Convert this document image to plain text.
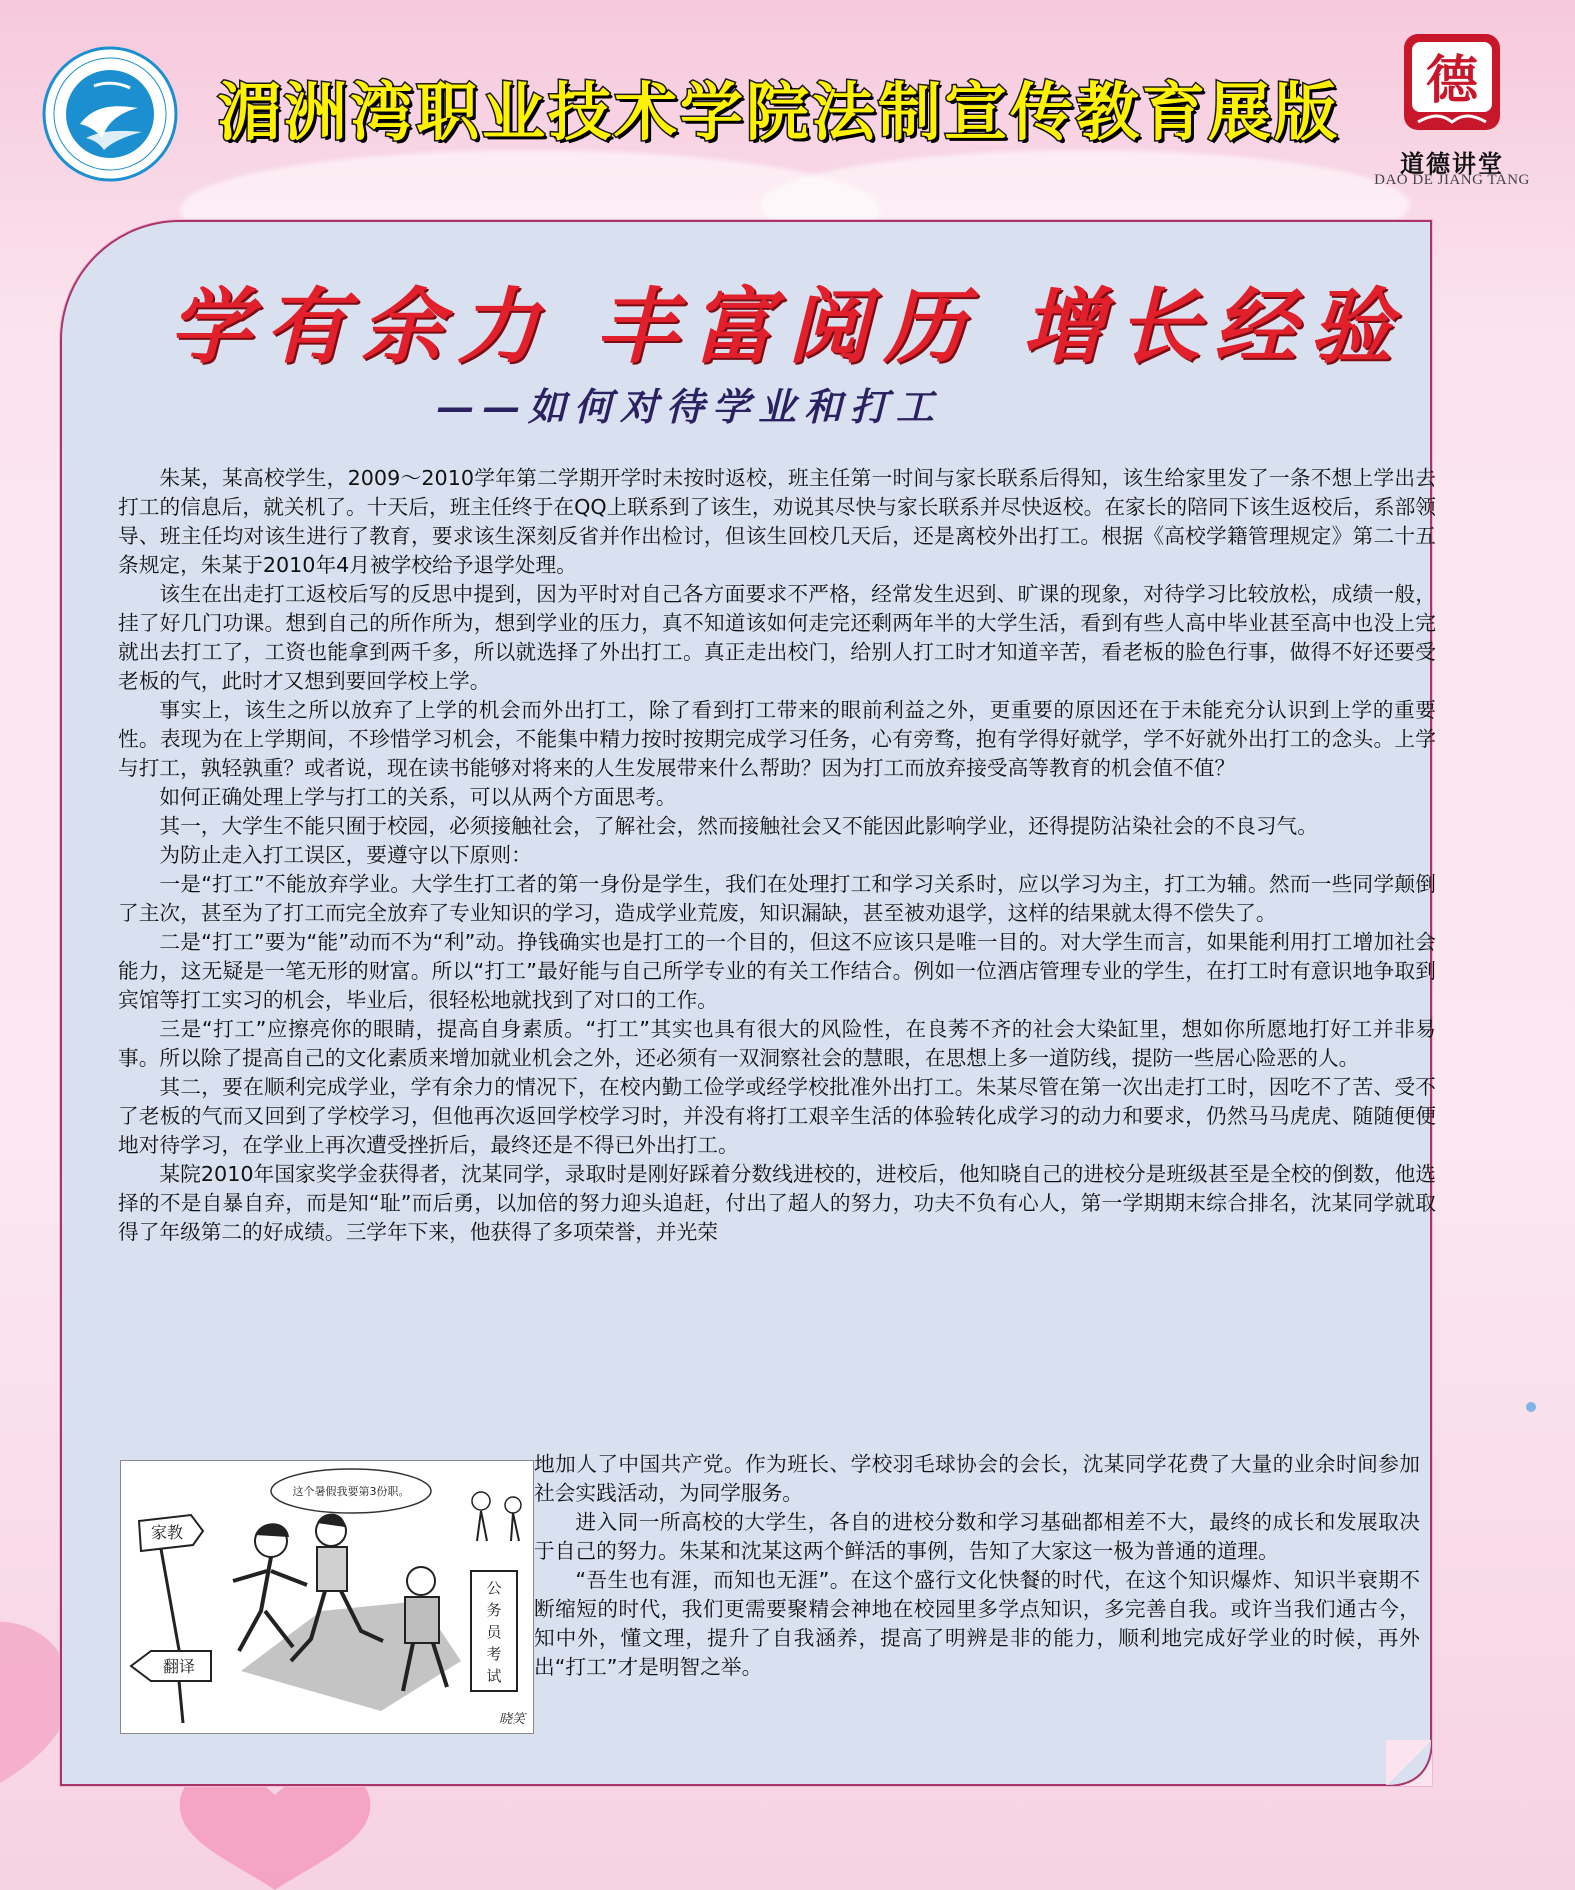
湄洲湾职业技术学院法制宣传教育展版 德
道德讲堂
DAO DE JIANG TANG
学有余力 丰富阅历 增长经验
——如何对待学业和打工

朱某，某高校学生，2009～2010学年第二学期开学时未按时返校，班主任第一时间与家长联系后得知，该生给家里发了一条不想上学出去打工的信息后，就关机了。十天后，班主任终于在QQ上联系到了该生，劝说其尽快与家长联系并尽快返校。在家长的陪同下该生返校后，系部领导、班主任均对该生进行了教育，要求该生深刻反省并作出检讨，但该生回校几天后，还是离校外出打工。根据《高校学籍管理规定》第二十五条规定，朱某于2010年4月被学校给予退学处理。

该生在出走打工返校后写的反思中提到，因为平时对自己各方面要求不严格，经常发生迟到、旷课的现象，对待学习比较放松，成绩一般，挂了好几门功课。想到自己的所作所为，想到学业的压力，真不知道该如何走完还剩两年半的大学生活，看到有些人高中毕业甚至高中也没上完就出去打工了，工资也能拿到两千多，所以就选择了外出打工。真正走出校门，给别人打工时才知道辛苦，看老板的脸色行事，做得不好还要受老板的气，此时才又想到要回学校上学。

事实上，该生之所以放弃了上学的机会而外出打工，除了看到打工带来的眼前利益之外，更重要的原因还在于未能充分认识到上学的重要性。表现为在上学期间，不珍惜学习机会，不能集中精力按时按期完成学习任务，心有旁骛，抱有学得好就学，学不好就外出打工的念头。上学与打工，孰轻孰重？或者说，现在读书能够对将来的人生发展带来什么帮助？因为打工而放弃接受高等教育的机会值不值？

如何正确处理上学与打工的关系，可以从两个方面思考。

其一，大学生不能只囿于校园，必须接触社会，了解社会，然而接触社会又不能因此影响学业，还得提防沾染社会的不良习气。

为防止走入打工误区，要遵守以下原则：

一是“打工”不能放弃学业。大学生打工者的第一身份是学生，我们在处理打工和学习关系时，应以学习为主，打工为辅。然而一些同学颠倒了主次，甚至为了打工而完全放弃了专业知识的学习，造成学业荒废，知识漏缺，甚至被劝退学，这样的结果就太得不偿失了。

二是“打工”要为“能”动而不为“利”动。挣钱确实也是打工的一个目的，但这不应该只是唯一目的。对大学生而言，如果能利用打工增加社会能力，这无疑是一笔无形的财富。所以“打工”最好能与自己所学专业的有关工作结合。例如一位酒店管理专业的学生，在打工时有意识地争取到宾馆等打工实习的机会，毕业后，很轻松地就找到了对口的工作。

三是“打工”应擦亮你的眼睛，提高自身素质。“打工”其实也具有很大的风险性，在良莠不齐的社会大染缸里，想如你所愿地打好工并非易事。所以除了提高自己的文化素质来增加就业机会之外，还必须有一双洞察社会的慧眼，在思想上多一道防线，提防一些居心险恶的人。

其二，要在顺利完成学业，学有余力的情况下，在校内勤工俭学或经学校批准外出打工。朱某尽管在第一次出走打工时，因吃不了苦、受不了老板的气而又回到了学校学习，但他再次返回学校学习时，并没有将打工艰辛生活的体验转化成学习的动力和要求，仍然马马虎虎、随随便便地对待学习，在学业上再次遭受挫折后，最终还是不得已外出打工。

某院2010年国家奖学金获得者，沈某同学，录取时是刚好踩着分数线进校的，进校后，他知晓自己的进校分是班级甚至是全校的倒数，他选择的不是自暴自弃，而是知“耻”而后勇，以加倍的努力迎头追赶，付出了超人的努力，功夫不负有心人，第一学期期末综合排名，沈某同学就取得了年级第二的好成绩。三学年下来，他获得了多项荣誉，并光荣

这个暑假我要第3份职。
家教
翻译
公
务
员
考
试
晓笑

地加人了中国共产党。作为班长、学校羽毛球协会的会长，沈某同学花费了大量的业余时间参加社会实践活动，为同学服务。

进入同一所高校的大学生，各自的进校分数和学习基础都相差不大，最终的成长和发展取决于自己的努力。朱某和沈某这两个鲜活的事例，告知了大家这一极为普通的道理。

“吾生也有涯，而知也无涯”。在这个盛行文化快餐的时代，在这个知识爆炸、知识半衰期不断缩短的时代，我们更需要聚精会神地在校园里多学点知识，多完善自我。或许当我们通古今，知中外，懂文理，提升了自我涵养，提高了明辨是非的能力，顺利地完成好学业的时候，再外出“打工”才是明智之举。
